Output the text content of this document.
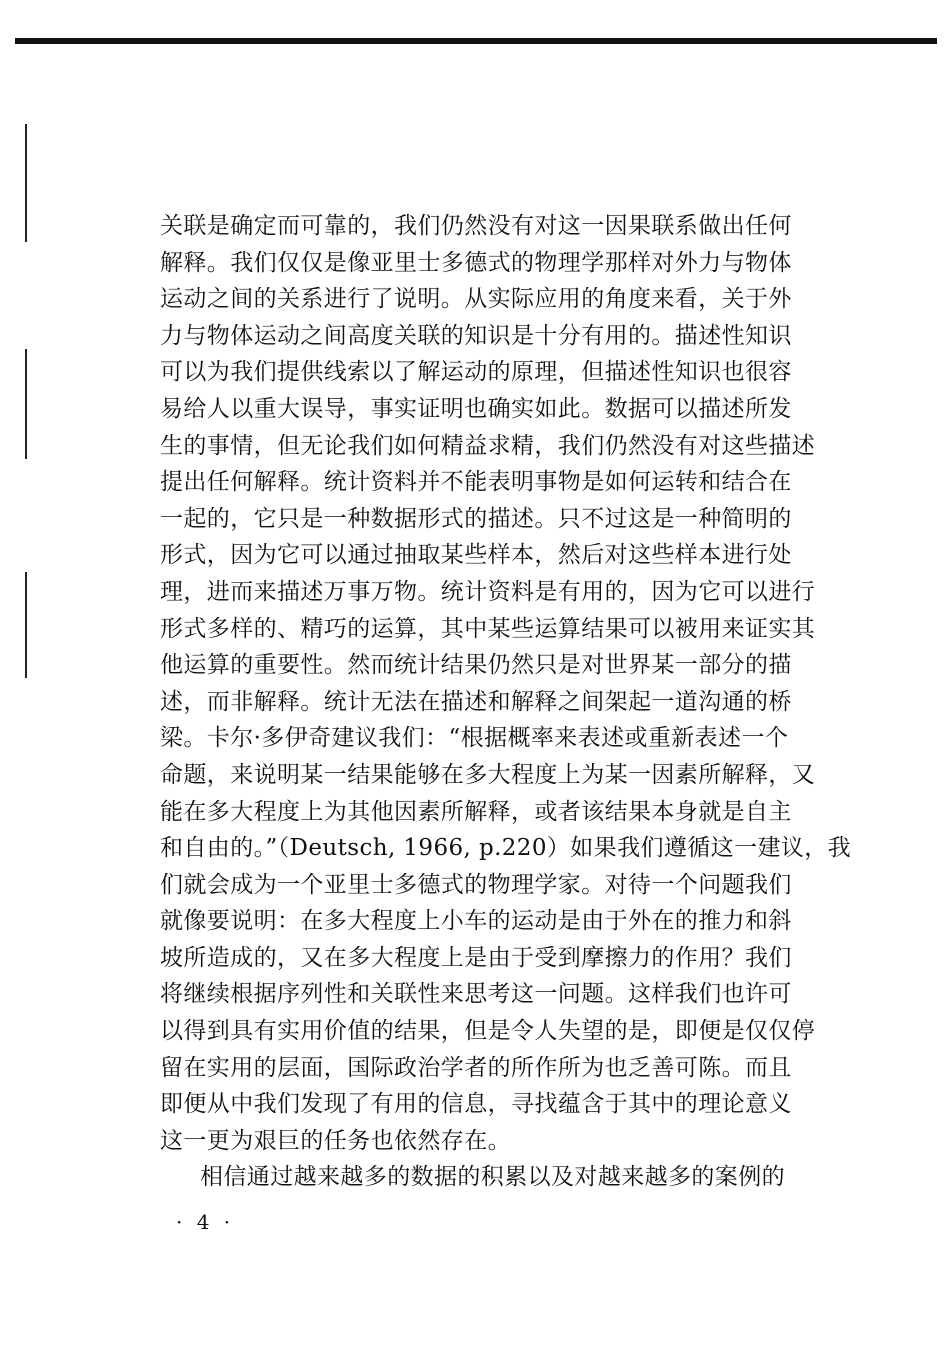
关联是确定而可靠的，我们仍然没有对这一因果联系做出任何
解释。我们仅仅是像亚里士多德式的物理学那样对外力与物体
运动之间的关系进行了说明。从实际应用的角度来看，关于外
力与物体运动之间高度关联的知识是十分有用的。描述性知识
可以为我们提供线索以了解运动的原理，但描述性知识也很容
易给人以重大误导，事实证明也确实如此。数据可以描述所发
生的事情，但无论我们如何精益求精，我们仍然没有对这些描述
提出任何解释。统计资料并不能表明事物是如何运转和结合在
一起的，它只是一种数据形式的描述。只不过这是一种简明的
形式，因为它可以通过抽取某些样本，然后对这些样本进行处
理，进而来描述万事万物。统计资料是有用的，因为它可以进行
形式多样的、精巧的运算，其中某些运算结果可以被用来证实其
他运算的重要性。然而统计结果仍然只是对世界某一部分的描
述，而非解释。统计无法在描述和解释之间架起一道沟通的桥
梁。卡尔·多伊奇建议我们：“根据概率来表述或重新表述一个
命题，来说明某一结果能够在多大程度上为某一因素所解释，又
能在多大程度上为其他因素所解释，或者该结果本身就是自主
和自由的。”（Deutsch, 1966, p.220）如果我们遵循这一建议，我
们就会成为一个亚里士多德式的物理学家。对待一个问题我们
就像要说明：在多大程度上小车的运动是由于外在的推力和斜
坡所造成的，又在多大程度上是由于受到摩擦力的作用？我们
将继续根据序列性和关联性来思考这一问题。这样我们也许可
以得到具有实用价值的结果，但是令人失望的是，即便是仅仅停
留在实用的层面，国际政治学者的所作所为也乏善可陈。而且
即便从中我们发现了有用的信息，寻找蕴含于其中的理论意义
这一更为艰巨的任务也依然存在。
相信通过越来越多的数据的积累以及对越来越多的案例的
· 4 ·
